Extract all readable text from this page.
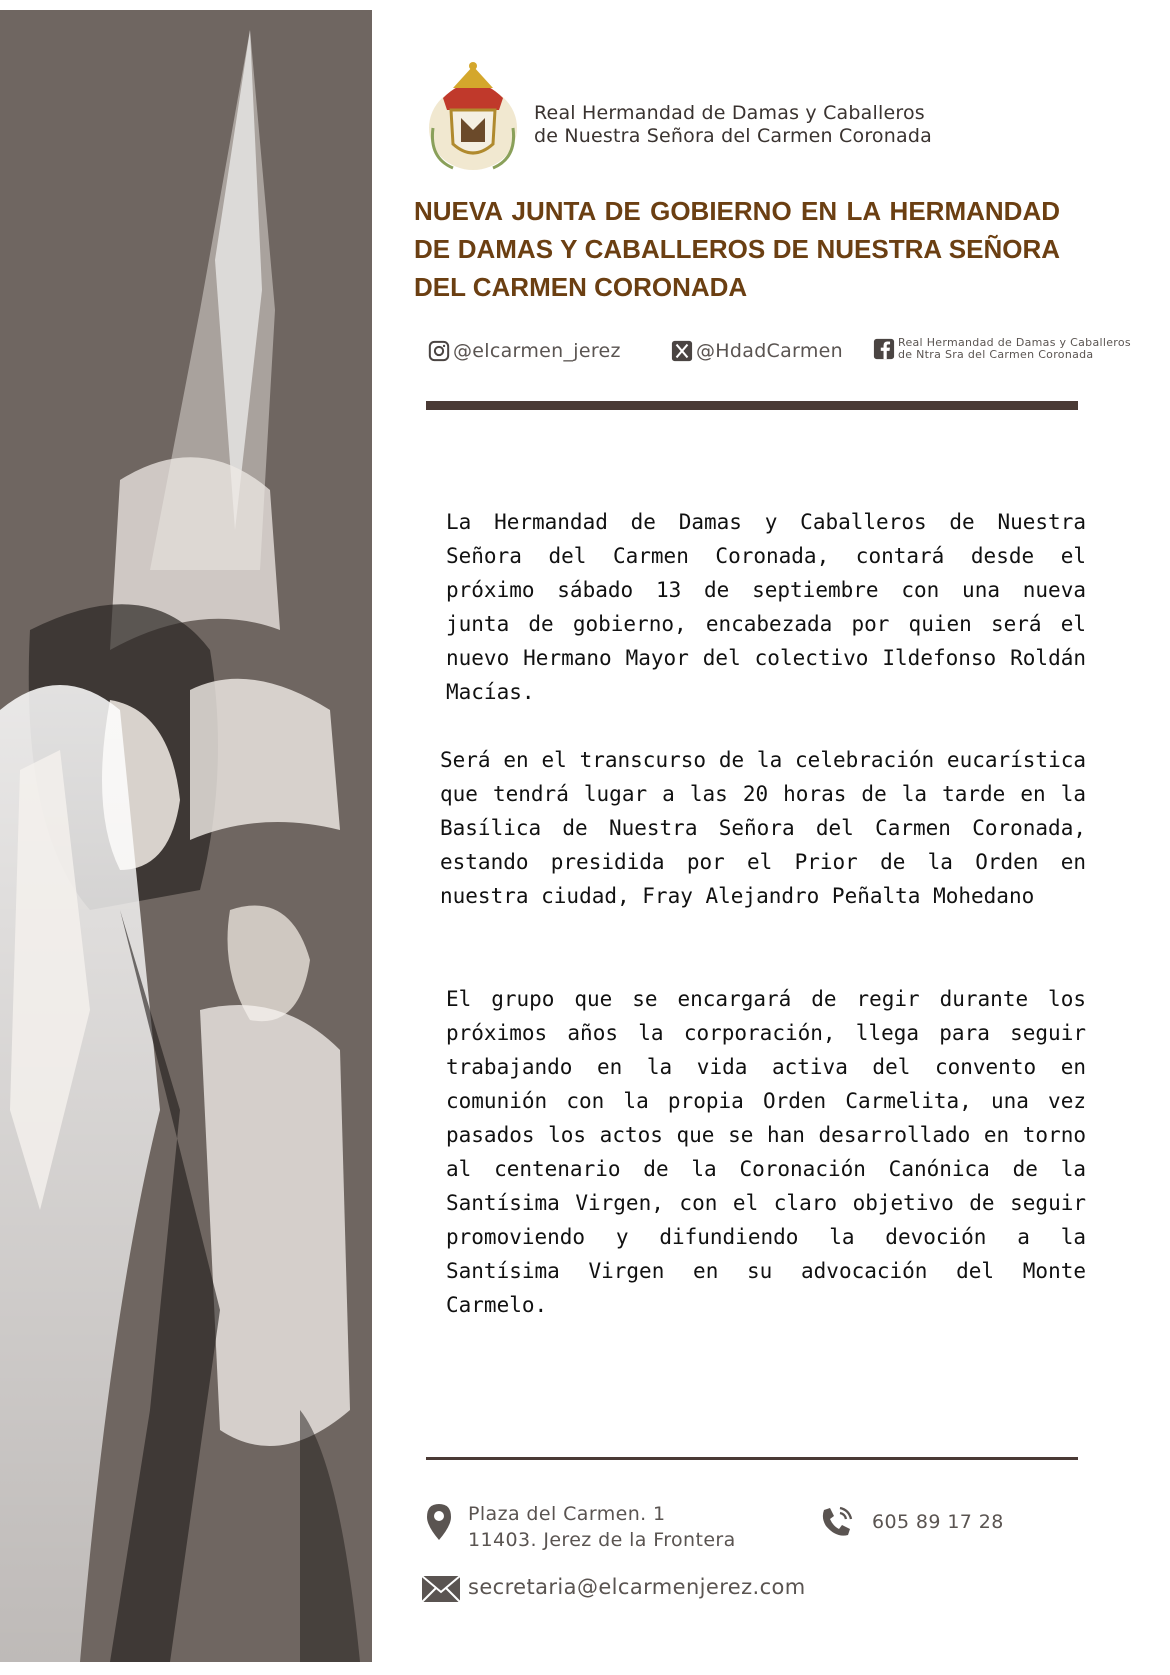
Real Hermandad de Damas y Caballeros
de Nuestra Señora del Carmen Coronada
NUEVA JUNTA DE GOBIERNO EN LA HERMANDAD DE DAMAS Y CABALLEROS DE NUESTRA SEÑORA DEL CARMEN CORONADA
@elcarmen_jerez	@HdadCarmen	Real Hermandad de Damas y Caballeros
de Ntra Sra del Carmen Coronada

La Hermandad de Damas y Caballeros de Nuestra Señora del Carmen Coronada, contará desde el próximo sábado 13 de septiembre con una nueva junta de gobierno, encabezada por quien será el nuevo Hermano Mayor del colectivo Ildefonso Roldán Macías.

Será en el transcurso de la celebración eucarística que tendrá lugar a las 20 horas de la tarde en la Basílica de Nuestra Señora del Carmen Coronada, estando presidida por el Prior de la Orden en nuestra ciudad, Fray Alejandro Peñalta Mohedano

El grupo que se encargará de regir durante los próximos años la corporación, llega para seguir trabajando en la vida activa del convento en comunión con la propia Orden Carmelita, una vez pasados los actos que se han desarrollado en torno al centenario de la Coronación Canónica de la Santísima Virgen, con el claro objetivo de seguir promoviendo y difundiendo la devoción a la Santísima Virgen en su advocación del Monte Carmelo.

Plaza del Carmen. 1
11403. Jerez de la Frontera
605 89 17 28
secretaria@elcarmenjerez.com
